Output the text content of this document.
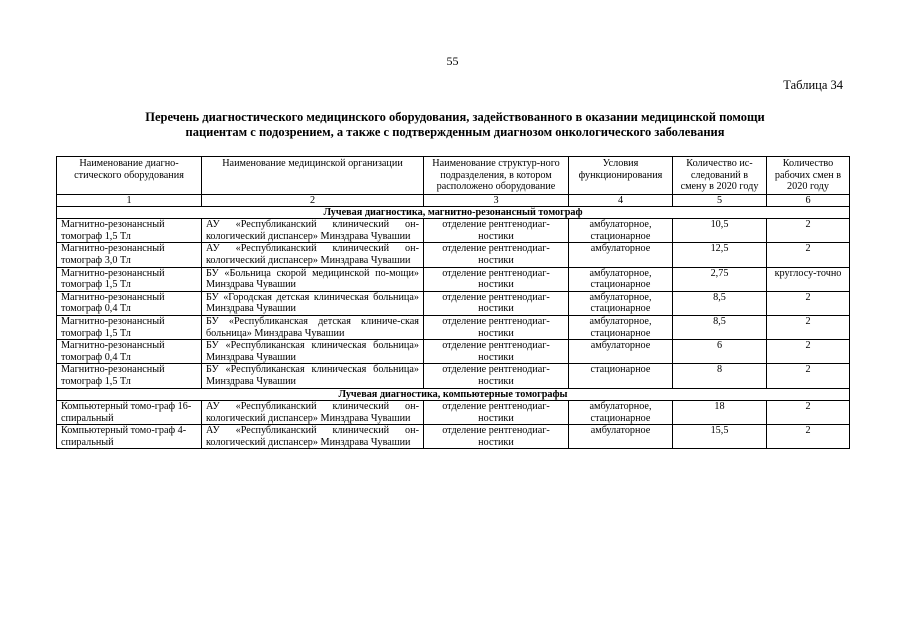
55
Таблица 34
Перечень диагностического медицинского оборудования, задействованного в оказании медицинской помощи
пациентам с подозрением, а также с подтвержденным диагнозом онкологического заболевания
Наименование диагно-стического оборудования	Наименование медицинской организации	Наименование структур-ного подразделения, в котором расположено оборудование	Условия функционирования	Количество ис-следований в смену в 2020 году	Количество рабочих смен в 2020 году
1	2	3	4	5	6
Лучевая диагностика, магнитно-резонансный томограф					
Магнитно-резонансный томограф 1,5 Тл	АУ «Республиканский клинический он-кологический диспансер» Минздрава Чувашии	отделение рентгенодиаг-ностики	амбулаторное, стационарное	10,5	2
Магнитно-резонансный томограф 3,0 Тл	АУ «Республиканский клинический он-кологический диспансер» Минздрава Чувашии	отделение рентгенодиаг-ностики	амбулаторное	12,5	2
Магнитно-резонансный томограф 1,5 Тл	БУ «Больница скорой медицинской по-мощи» Минздрава Чувашии	отделение рентгенодиаг-ностики	амбулаторное, стационарное	2,75	круглосу-точно
Магнитно-резонансный томограф 0,4 Тл	БУ «Городская детская клиническая больница» Минздрава Чувашии	отделение рентгенодиаг-ностики	амбулаторное, стационарное	8,5	2
Магнитно-резонансный томограф 1,5 Тл	БУ «Республиканская детская клиниче-ская больница» Минздрава Чувашии	отделение рентгенодиаг-ностики	амбулаторное, стационарное	8,5	2
Магнитно-резонансный томограф 0,4 Тл	БУ «Республиканская клиническая больница» Минздрава Чувашии	отделение рентгенодиаг-ностики	амбулаторное	6	2
Магнитно-резонансный томограф 1,5 Тл	БУ «Республиканская клиническая больница» Минздрава Чувашии	отделение рентгенодиаг-ностики	стационарное	8	2
Лучевая диагностика, компьютерные томографы					
Компьютерный томо-граф 16-спиральный	АУ «Республиканский клинический он-кологический диспансер» Минздрава Чувашии	отделение рентгенодиаг-ностики	амбулаторное, стационарное	18	2
Компьютерный томо-граф 4-спиральный	АУ «Республиканский клинический он-кологический диспансер» Минздрава Чувашии	отделение рентгенодиаг-ностики	амбулаторное	15,5	2
